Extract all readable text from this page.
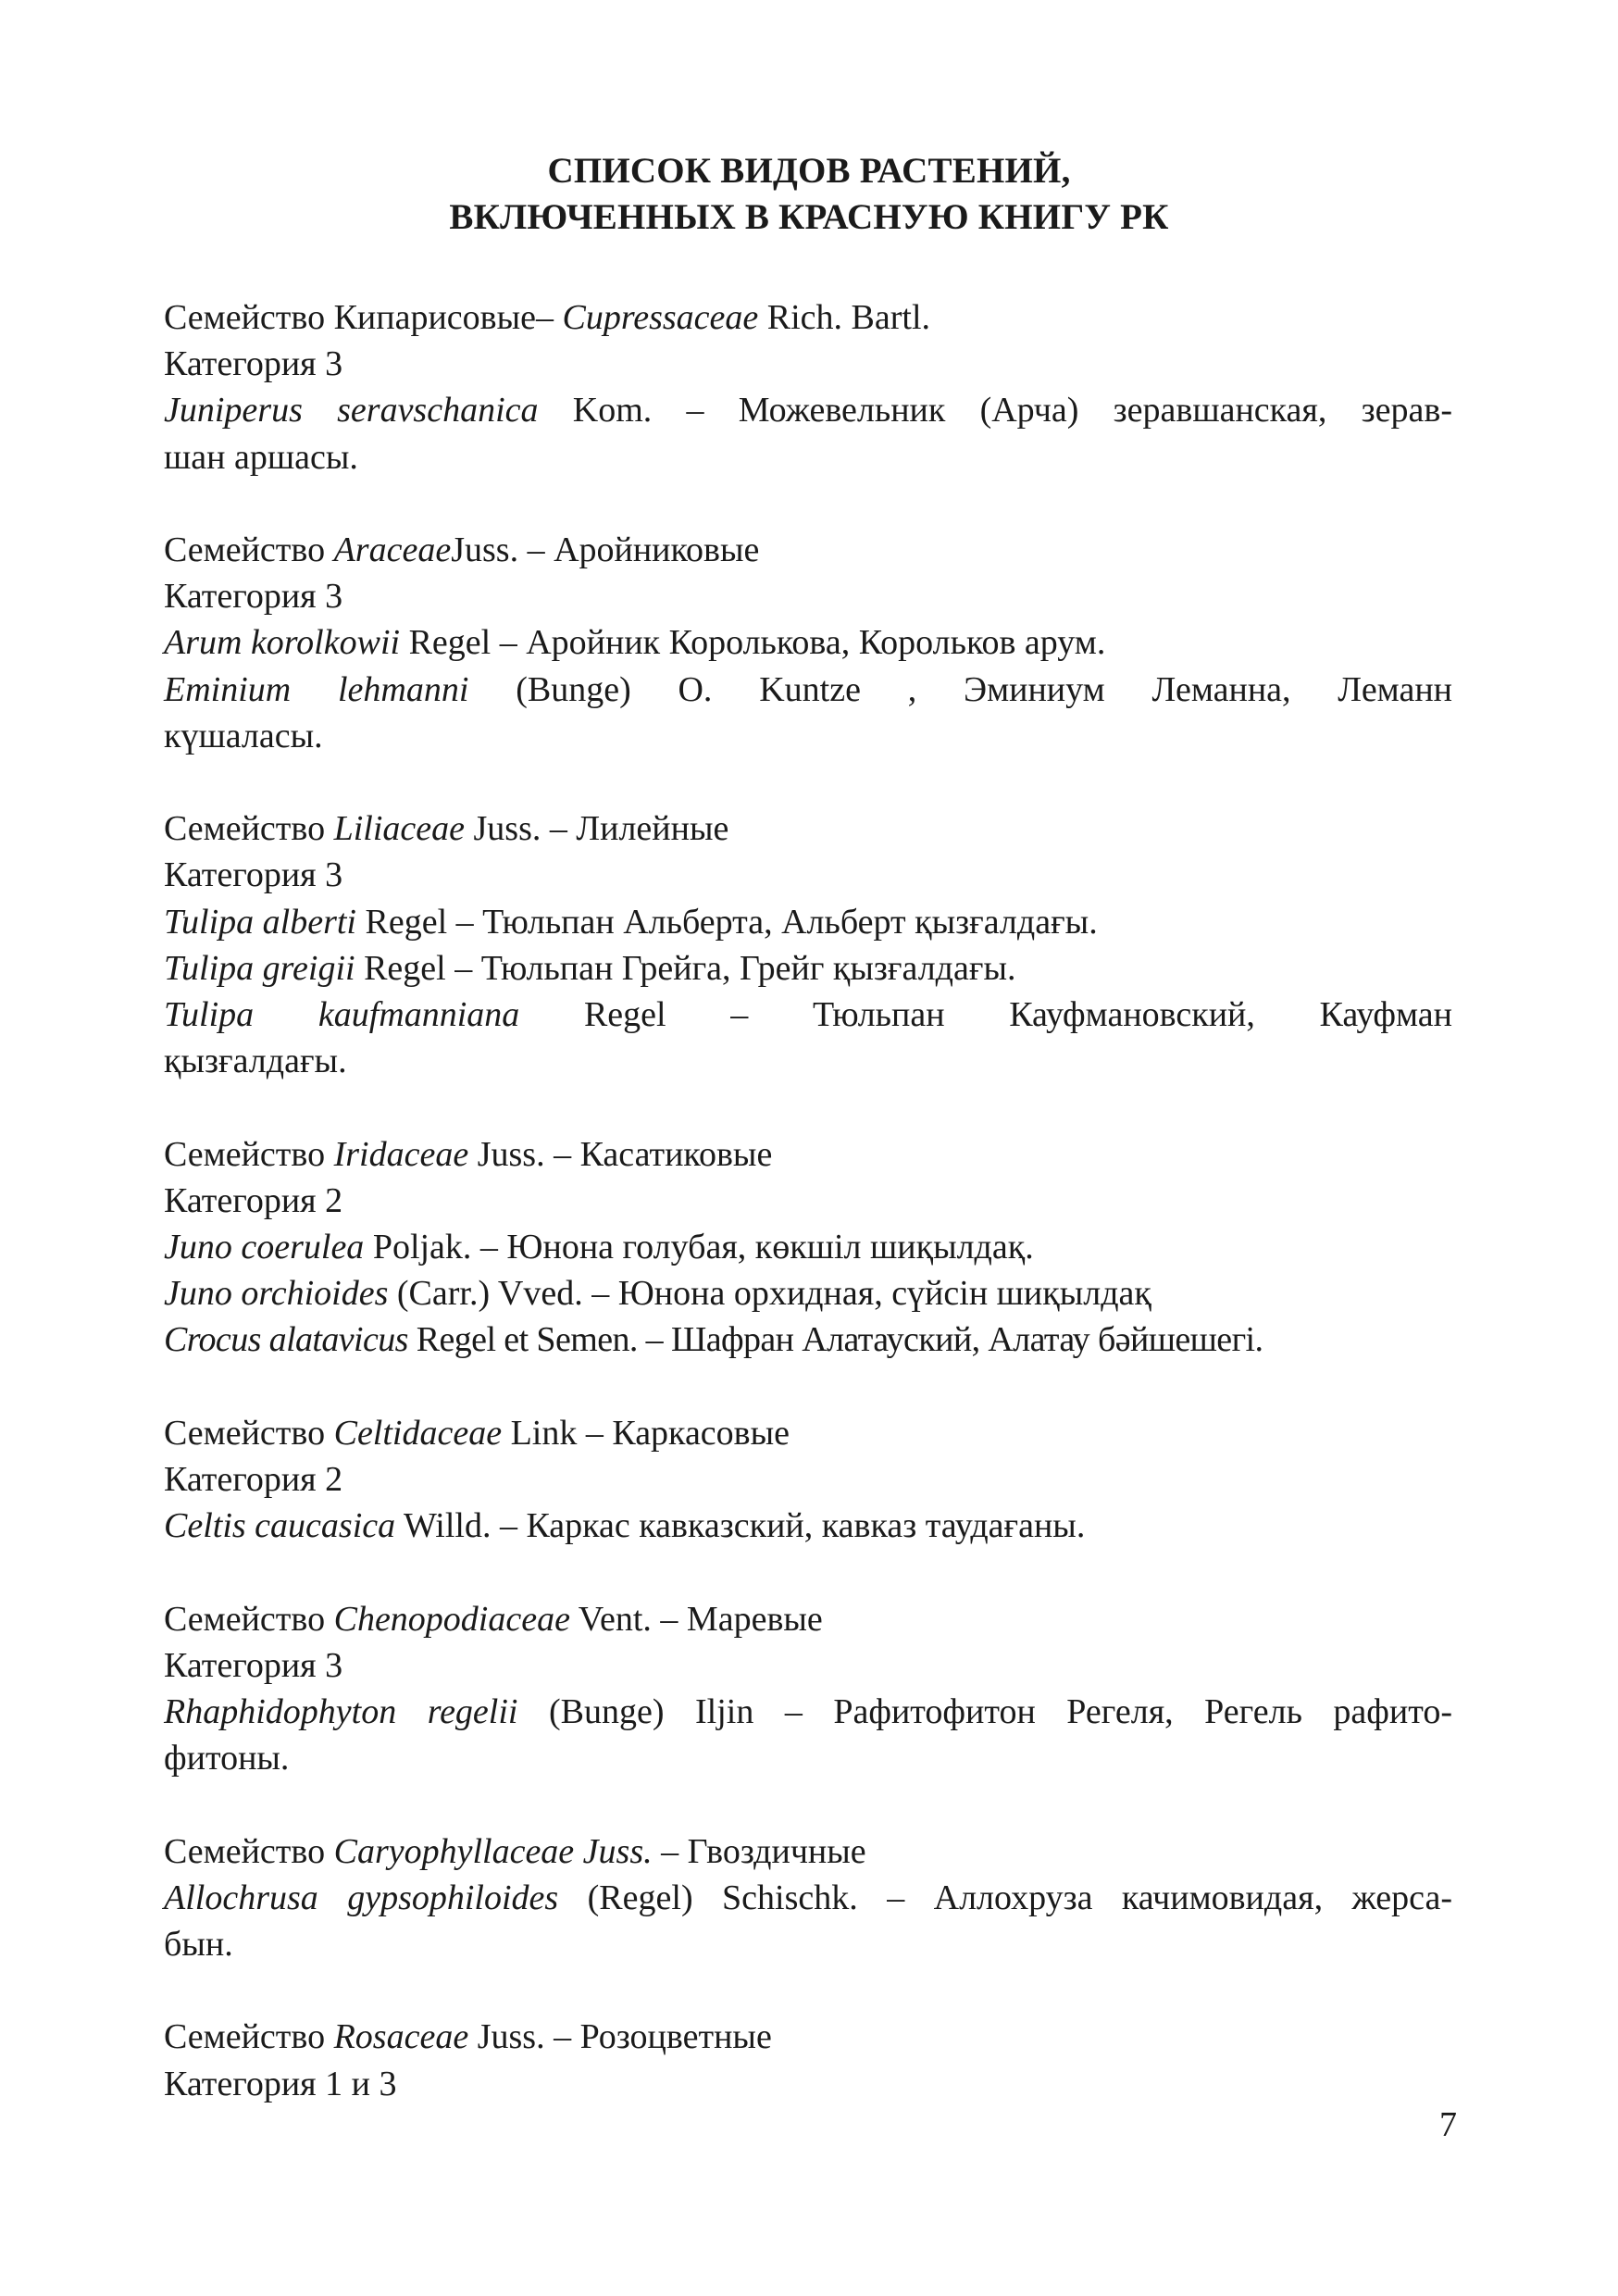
СПИСОК ВИДОВ РАСТЕНИЙ,
ВКЛЮЧЕННЫХ В КРАСНУЮ КНИГУ РК
Семейство Кипарисовые– Cupressaceae Rich. Bartl.
Категория 3
Juniperus seravschanica Kom. – Можевельник (Арча) зеравшанская, зерав-
шан аршасы.
Семейство AraceaeJuss. – Аройниковые
Категория 3
Arum korolkowii Regel – Аройник Королькова, Корольков арум.
Eminium lehmanni (Bunge) O. Kuntze , Эминиум Леманна, Леманн
күшаласы.
Семейство Liliaceae Juss. – Лилейные
Категория 3
Tulipa alberti Regel – Тюльпан Альберта, Альберт қызғалдағы.
Tulipa greigii Regel – Тюльпан Грейга, Грейг қызғалдағы.
Tulipa kaufmanniana Regel – Тюльпан Кауфмановский, Кауфман
қызғалдағы.
Семейство Iridaceae Juss. – Касатиковые
Категория 2
Juno coerulea Poljak. – Юнона голубая, көкшіл шиқылдақ.
Juno orchioides (Carr.) Vved. – Юнона орхидная, сүйсін шиқылдақ
Crocus alatavicus Regel et Semen. – Шафран Алатауский, Алатау бәйшешегі.
Семейство Celtidaceae Link – Каркасовые
Категория 2
Celtis caucasica Willd. – Каркас кавказский, кавказ таудағаны.
Семейство Chenopodiaceae Vent. – Маревые
Категория 3
Rhaphidophyton regelii (Bunge) Iljin – Рафитофитон Регеля, Регель рафито-
фитоны.
Семейство Caryophyllaceae Juss. – Гвоздичные
Allochrusa gypsophiloides (Regel) Schischk. – Аллохруза качимовидая, жерса-
бын.
Семейство Rosaceae Juss. – Розоцветные
Категория 1 и 3
7
